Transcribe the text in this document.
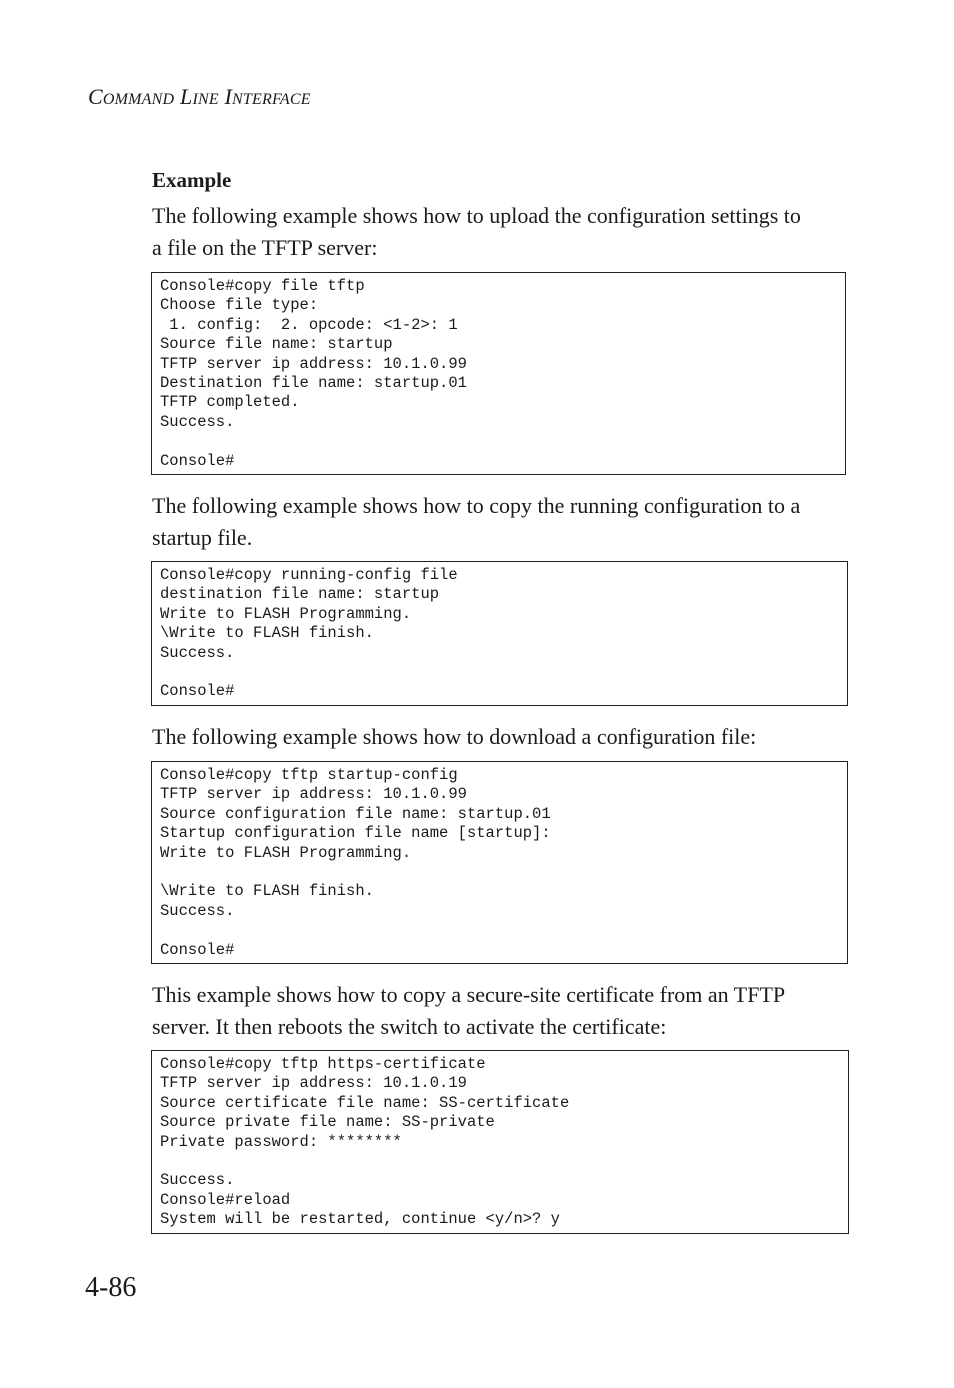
COMMAND LINE INTERFACE
Example
The following example shows how to upload the configuration settings to
a file on the TFTP server:
Console#copy file tftp
Choose file type:
1. config:  2. opcode: <1-2>: 1
Source file name: startup
TFTP server ip address: 10.1.0.99
Destination file name: startup.01
TFTP completed.
Success.
Console#
The following example shows how to copy the running configuration to a
startup file.
Console#copy running-config file
destination file name: startup
Write to FLASH Programming.
\Write to FLASH finish.
Success.
Console#
The following example shows how to download a configuration file:
Console#copy tftp startup-config
TFTP server ip address: 10.1.0.99
Source configuration file name: startup.01
Startup configuration file name [startup]:
Write to FLASH Programming.
\Write to FLASH finish.
Success.
Console#
This example shows how to copy a secure-site certificate from an TFTP
server. It then reboots the switch to activate the certificate:
Console#copy tftp https-certificate
TFTP server ip address: 10.1.0.19
Source certificate file name: SS-certificate
Source private file name: SS-private
Private password: ********
Success.
Console#reload
System will be restarted, continue <y/n>? y
4-86
